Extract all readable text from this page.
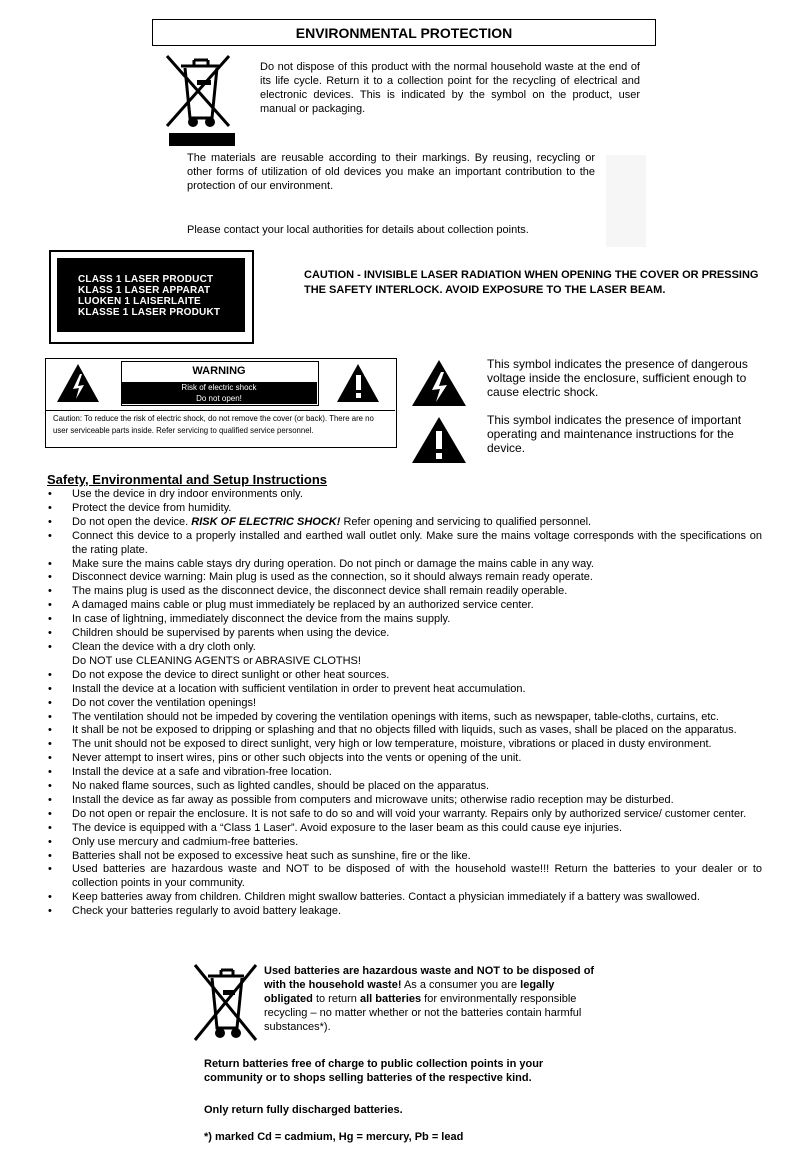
ENVIRONMENTAL PROTECTION
Do not dispose of this product with the normal household waste at the end of its life cycle. Return it to a collection point for the recycling of electrical and electronic devices. This is indicated by the symbol on the product, user manual or packaging.
The materials are reusable according to their markings. By reusing, recycling or other forms of utilization of old devices you make an important contribution to the protection of our environment.
Please contact your local authorities for details about collection points.
CLASS 1 LASER PRODUCT
KLASS 1 LASER APPARAT
LUOKEN 1 LAISERLAITE
KLASSE 1 LASER PRODUKT
CAUTION - INVISIBLE LASER RADIATION WHEN OPENING THE COVER OR PRESSING THE SAFETY INTERLOCK. AVOID EXPOSURE TO THE LASER BEAM.
WARNING
Risk of electric shock
Do not open!
Caution: To reduce the risk of electric shock, do not remove the cover (or back). There are no user serviceable parts inside. Refer servicing to qualified service personnel.
This symbol indicates the presence of dangerous voltage inside the enclosure, sufficient enough to cause electric shock.
This symbol indicates the presence of important operating and maintenance instructions for the device.
Safety, Environmental and Setup Instructions
• Use the device in dry indoor environments only.
• Protect the device from humidity.
• Do not open the device. RISK OF ELECTRIC SHOCK! Refer opening and servicing to qualified personnel.
• Connect this device to a properly installed and earthed wall outlet only. Make sure the mains voltage corresponds with the specifications on the rating plate.
• Make sure the mains cable stays dry during operation. Do not pinch or damage the mains cable in any way.
• Disconnect device warning: Main plug is used as the connection, so it should always remain ready operate.
• The mains plug is used as the disconnect device, the disconnect device shall remain readily operable.
• A damaged mains cable or plug must immediately be replaced by an authorized service center.
• In case of lightning, immediately disconnect the device from the mains supply.
• Children should be supervised by parents when using the device.
• Clean the device with a dry cloth only.
Do NOT use CLEANING AGENTS or ABRASIVE CLOTHS!
• Do not expose the device to direct sunlight or other heat sources.
• Install the device at a location with sufficient ventilation in order to prevent heat accumulation.
• Do not cover the ventilation openings!
• The ventilation should not be impeded by covering the ventilation openings with items, such as newspaper, table-cloths, curtains, etc.
• It shall be not be exposed to dripping or splashing and that no objects filled with liquids, such as vases, shall be placed on the apparatus.
• The unit should not be exposed to direct sunlight, very high or low temperature, moisture, vibrations or placed in dusty environment.
• Never attempt to insert wires, pins or other such objects into the vents or opening of the unit.
• Install the device at a safe and vibration-free location.
• No naked flame sources, such as lighted candles, should be placed on the apparatus.
• Install the device as far away as possible from computers and microwave units; otherwise radio reception may be disturbed.
• Do not open or repair the enclosure. It is not safe to do so and will void your warranty. Repairs only by authorized service/ customer center.
• The device is equipped with a “Class 1 Laser”. Avoid exposure to the laser beam as this could cause eye injuries.
• Only use mercury and cadmium-free batteries.
• Batteries shall not be exposed to excessive heat such as sunshine, fire or the like.
• Used batteries are hazardous waste and NOT to be disposed of with the household waste!!! Return the batteries to your dealer or to collection points in your community.
• Keep batteries away from children. Children might swallow batteries. Contact a physician immediately if a battery was swallowed.
• Check your batteries regularly to avoid battery leakage.
Used batteries are hazardous waste and NOT to be disposed of with the household waste! As a consumer you are legally obligated to return all batteries for environmentally responsible recycling – no matter whether or not the batteries contain harmful substances*).
Return batteries free of charge to public collection points in your community or to shops selling batteries of the respective kind.
Only return fully discharged batteries.
*) marked Cd = cadmium, Hg = mercury, Pb = lead
